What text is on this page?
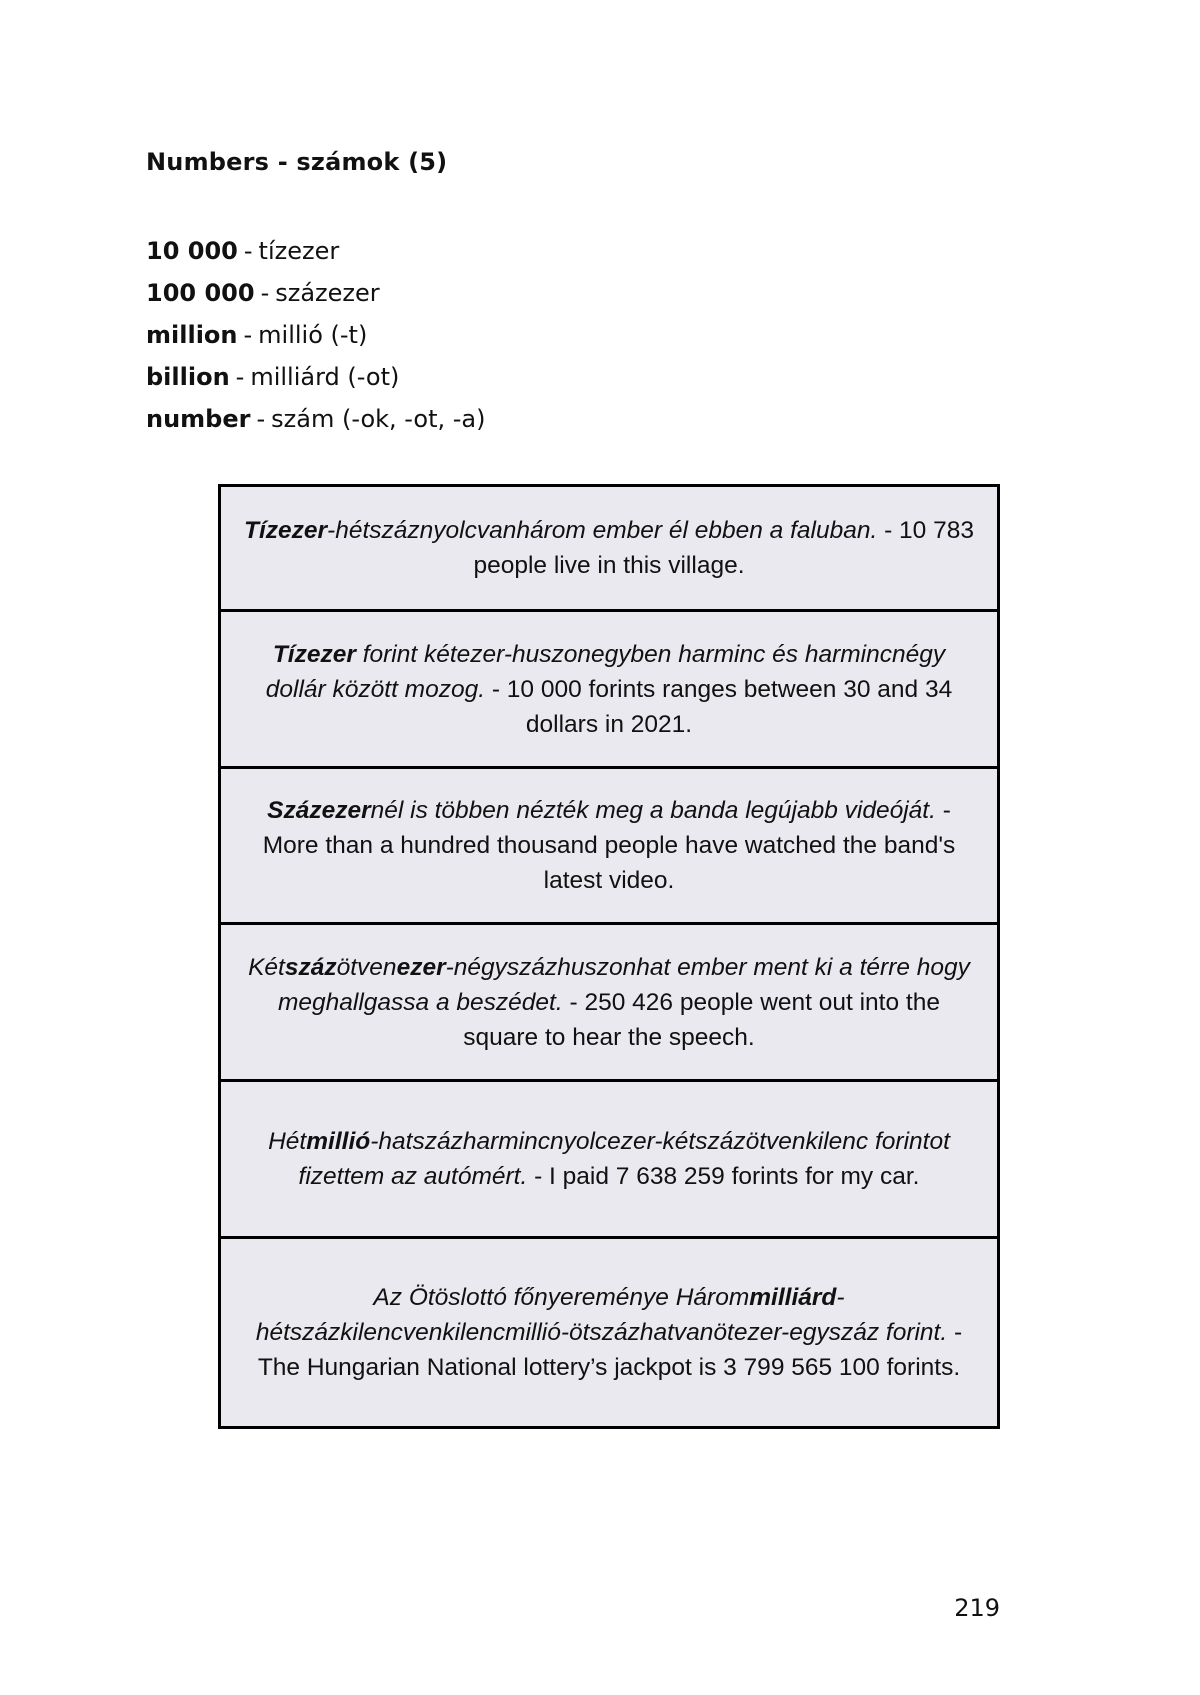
Numbers - számok (5)
10 000 - tízezer
100 000 - százezer
million - millió (-t)
billion - milliárd (-ot)
number - szám (-ok, -ot, -a)
Tízezer-hétszáznyolcvanhárom ember él ebben a faluban. - 10 783 people live in this village.
Tízezer forint kétezer-huszonegyben harminc és harmincnégy dollár között mozog. - 10 000 forints ranges between 30 and 34 dollars in 2021.
Százezernél is többen nézték meg a banda legújabb videóját. - More than a hundred thousand people have watched the band's latest video.
Kétszázötvenezer-négyszázhuszonhat ember ment ki a térre hogy meghallgassa a beszédet. - 250 426 people went out into the square to hear the speech.
Hétmillió-hatszázharmincnyolcezer-kétszázötvenkilenc forintot fizettem az autómért. - I paid 7 638 259 forints for my car.
Az Ötöslottó főnyereménye Hárommilliárd-hétszázkilencvenkilencmillió-ötszázhatvanötezer-egyszáz forint. - The Hungarian National lottery’s jackpot is 3 799 565 100 forints.
219
